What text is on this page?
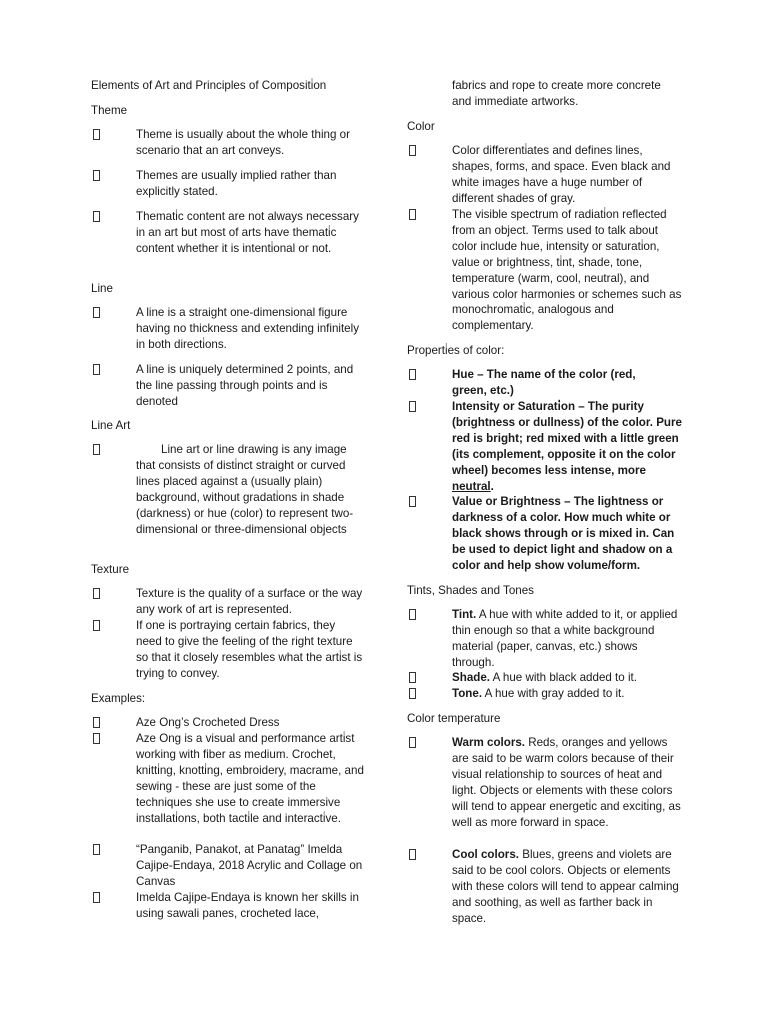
Elements of Art and Principles of Compositi̇on

Theme

Theme is usually about the whole thing or scenario that an art conveys.

Themes are usually implied rather than explicitly stated.

Themati̇c content are not always necessary in an art but most of arts have themati̇c content whether it is intenti̇onal or not.

Line

A line is a straight one-dimensional figure having no thickness and extending infinitely in both directi̇ons.

A line is uniquely determined 2 points, and the line passing through points and is denoted

Line Art

Line art or line drawing is any image that consists of disti̇nct straight or curved lines placed against a (usually plain) background, without gradati̇ons in shade (darkness) or hue (color) to represent two-dimensional or three-dimensional objects

Texture

Texture is the quality of a surface or the way any work of art is represented.

If one is portraying certain fabrics, they need to give the feeling of the right texture so that it closely resembles what the arti̇st is trying to convey.

Examples:

Aze Ong’s Crocheted Dress

Aze Ong is a visual and performance arti̇st working with fiber as medium. Crochet, knitti̇ng, knotti̇ng, embroidery, macrame, and sewing - these are just some of the techniques she use to create immersive installati̇ons, both tacti̇le and interacti̇ve.

“Panganib, Panakot, at Panatag” Imelda Cajipe-Endaya, 2018 Acrylic and Collage on Canvas

Imelda Cajipe-Endaya is known her skills in using sawali panes, crocheted lace,

fabrics and rope to create more concrete and immediate artworks.

Color

Color differenti̇ates and defines lines, shapes, forms, and space. Even black and white images have a huge number of different shades of gray.

The visible spectrum of radiati̇on reflected from an object. Terms used to talk about color include hue, intensity or saturati̇on, value or brightness, ti̇nt, shade, tone, temperature (warm, cool, neutral), and various color harmonies or schemes such as monochromati̇c, analogous and complementary.

Properti̇es of color:

Hue – The name of the color (red, green, etc.)

Intensity or Saturati̇on – The purity (brightness or dullness) of the color. Pure red is bright; red mixed with a little green (its complement, opposite it on the color wheel) becomes less intense, more neutral.

Value or Brightness – The lightness or darkness of a color. How much white or black shows through or is mixed in. Can be used to depict light and shadow on a color and help show volume/form.

Tints, Shades and Tones

Tint. A hue with white added to it, or applied thin enough so that a white background material (paper, canvas, etc.) shows through.

Shade. A hue with black added to it.

Tone. A hue with gray added to it.

Color temperature

Warm colors. Reds, oranges and yellows are said to be warm colors because of their visual relati̇onship to sources of heat and light. Objects or elements with these colors will tend to appear energeti̇c and exciti̇ng, as well as more forward in space.

Cool colors. Blues, greens and violets are said to be cool colors. Objects or elements with these colors will tend to appear calming and soothing, as well as farther back in space.
